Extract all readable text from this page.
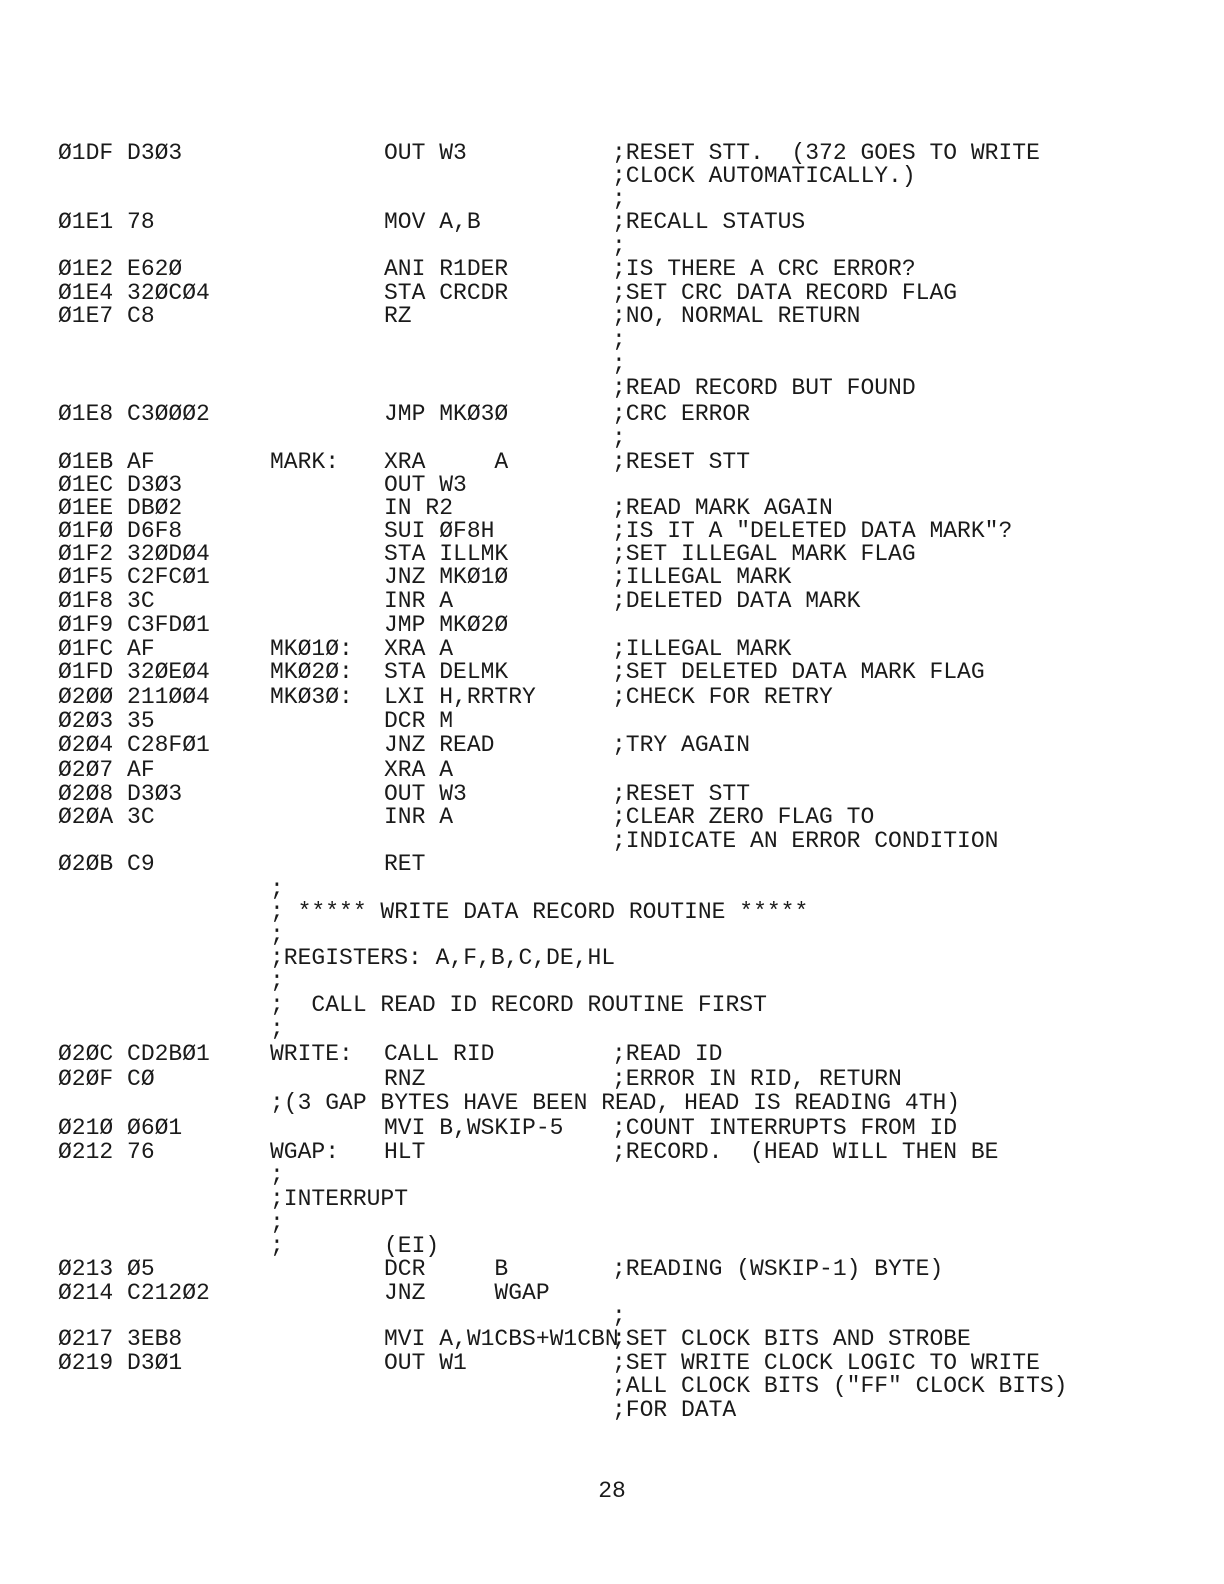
Ø1DF D3Ø3	OUT W3	;RESET STT.  (372 GOES TO WRITE
;CLOCK AUTOMATICALLY.)
;
Ø1E1 78	MOV A,B	;RECALL STATUS
;
Ø1E2 E62Ø	ANI R1DER	;IS THERE A CRC ERROR?
Ø1E4 32ØCØ4	STA CRCDR	;SET CRC DATA RECORD FLAG
Ø1E7 C8	RZ	;NO, NORMAL RETURN
;
;
;READ RECORD BUT FOUND
Ø1E8 C3ØØØ2	JMP MKØ3Ø	;CRC ERROR
;
Ø1EB AF	MARK: XRA     A	;RESET STT
Ø1EC D3Ø3	OUT W3
Ø1EE DBØ2	IN R2	;READ MARK AGAIN
Ø1FØ D6F8	SUI ØF8H	;IS IT A "DELETED DATA MARK"?
Ø1F2 32ØDØ4	STA ILLMK	;SET ILLEGAL MARK FLAG
Ø1F5 C2FCØ1	JNZ MKØ1Ø	;ILLEGAL MARK
Ø1F8 3C	INR A	;DELETED DATA MARK
Ø1F9 C3FDØ1	JMP MKØ2Ø
Ø1FC AF	MKØ1Ø: XRA A	;ILLEGAL MARK
Ø1FD 32ØEØ4	MKØ2Ø: STA DELMK	;SET DELETED DATA MARK FLAG
Ø2ØØ 211ØØ4	MKØ3Ø: LXI H,RRTRY	;CHECK FOR RETRY
Ø2Ø3 35	DCR M
Ø2Ø4 C28FØ1	JNZ READ	;TRY AGAIN
Ø2Ø7 AF	XRA A
Ø2Ø8 D3Ø3	OUT W3	;RESET STT
Ø2ØA 3C	INR A	;CLEAR ZERO FLAG TO
;INDICATE AN ERROR CONDITION
Ø2ØB C9	RET
;
; ***** WRITE DATA RECORD ROUTINE *****
;
;REGISTERS: A,F,B,C,DE,HL
;
;  CALL READ ID RECORD ROUTINE FIRST
;
Ø2ØC CD2BØ1	WRITE: CALL RID	;READ ID
Ø2ØF CØ	RNZ	;ERROR IN RID, RETURN
;(3 GAP BYTES HAVE BEEN READ, HEAD IS READING 4TH)
Ø21Ø Ø6Ø1	MVI B,WSKIP-5 ;COUNT INTERRUPTS FROM ID
Ø212 76	WGAP: HLT	;RECORD.  (HEAD WILL THEN BE
;
;INTERRUPT
;
;	(EI)
Ø213 Ø5	DCR     B	;READING (WSKIP-1) BYTE)
Ø214 C212Ø2	JNZ     WGAP
;
Ø217 3EB8	MVI A,W1CBS+W1CBN
;SET CLOCK BITS AND STROBE
Ø219 D3Ø1	OUT W1	;SET WRITE CLOCK LOGIC TO WRITE
;ALL CLOCK BITS ("FF" CLOCK BITS)
;FOR DATA
28
